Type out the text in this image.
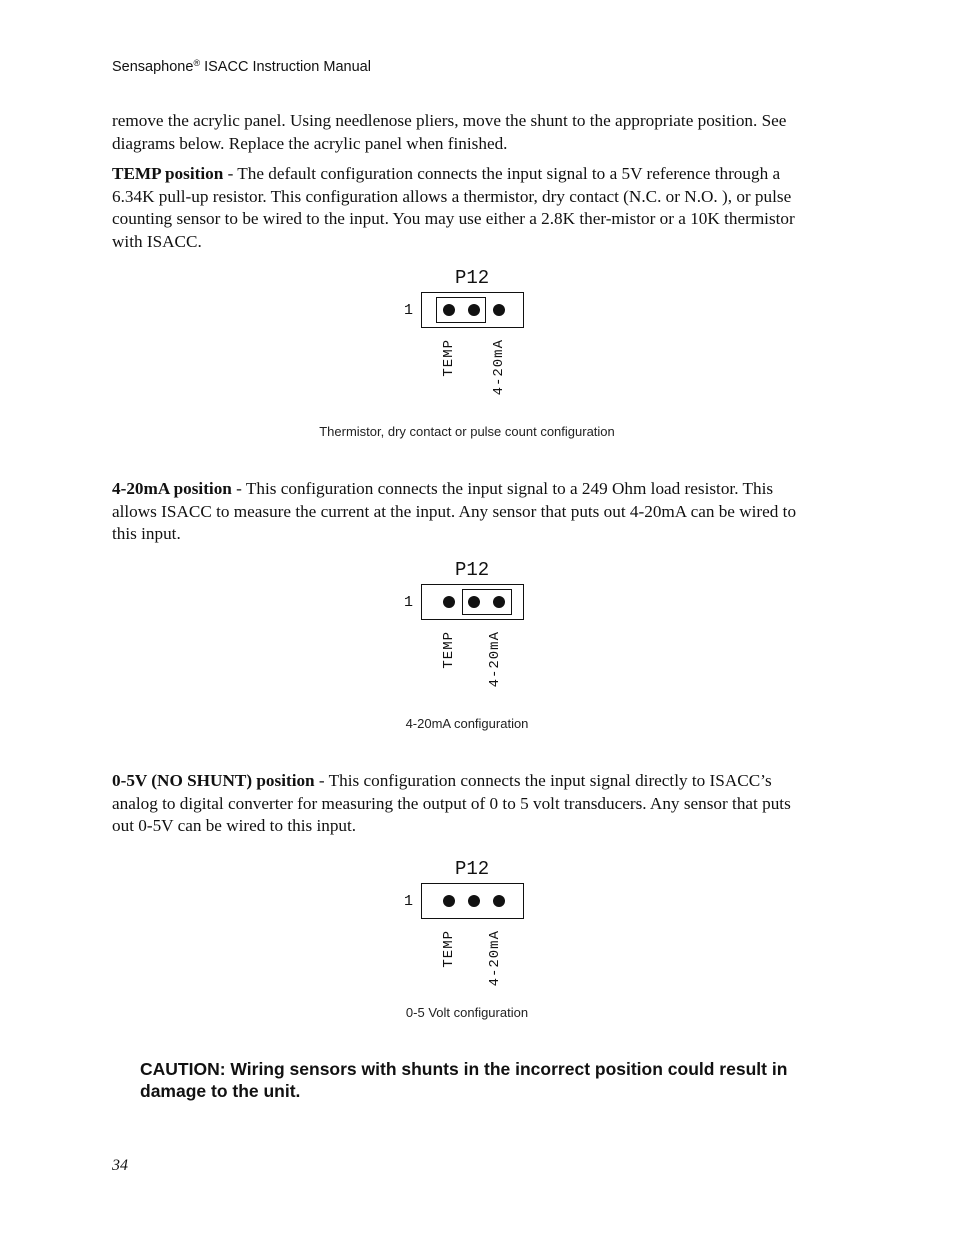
Sensaphone® ISACC Instruction Manual

remove the acrylic panel. Using needlenose pliers, move the shunt to the appropriate position. See diagrams below. Replace the acrylic panel when finished.

TEMP position - The default configuration connects the input signal to a 5V reference through a 6.34K pull-up resistor. This configuration allows a thermistor, dry contact (N.C. or N.O. ), or pulse counting sensor to be wired to the input. You may use either a 2.8K ther-mistor or a 10K thermistor with ISACC.

P12
1
TEMP 4-20mA
Thermistor, dry contact or pulse count configuration

4-20mA position - This configuration connects the input signal to a 249 Ohm load resistor. This allows ISACC to measure the current at the input. Any sensor that puts out 4-20mA can be wired to this input.

P12
1
TEMP 4-20mA
4-20mA configuration

0-5V (NO SHUNT) position - This configuration connects the input signal directly to ISACC’s analog to digital converter for measuring the output of 0 to 5 volt transducers. Any sensor that puts out 0-5V can be wired to this input.

P12
1
TEMP 4-20mA
0-5 Volt configuration
CAUTION: Wiring sensors with shunts in the incorrect position could result in damage to the unit.
34
